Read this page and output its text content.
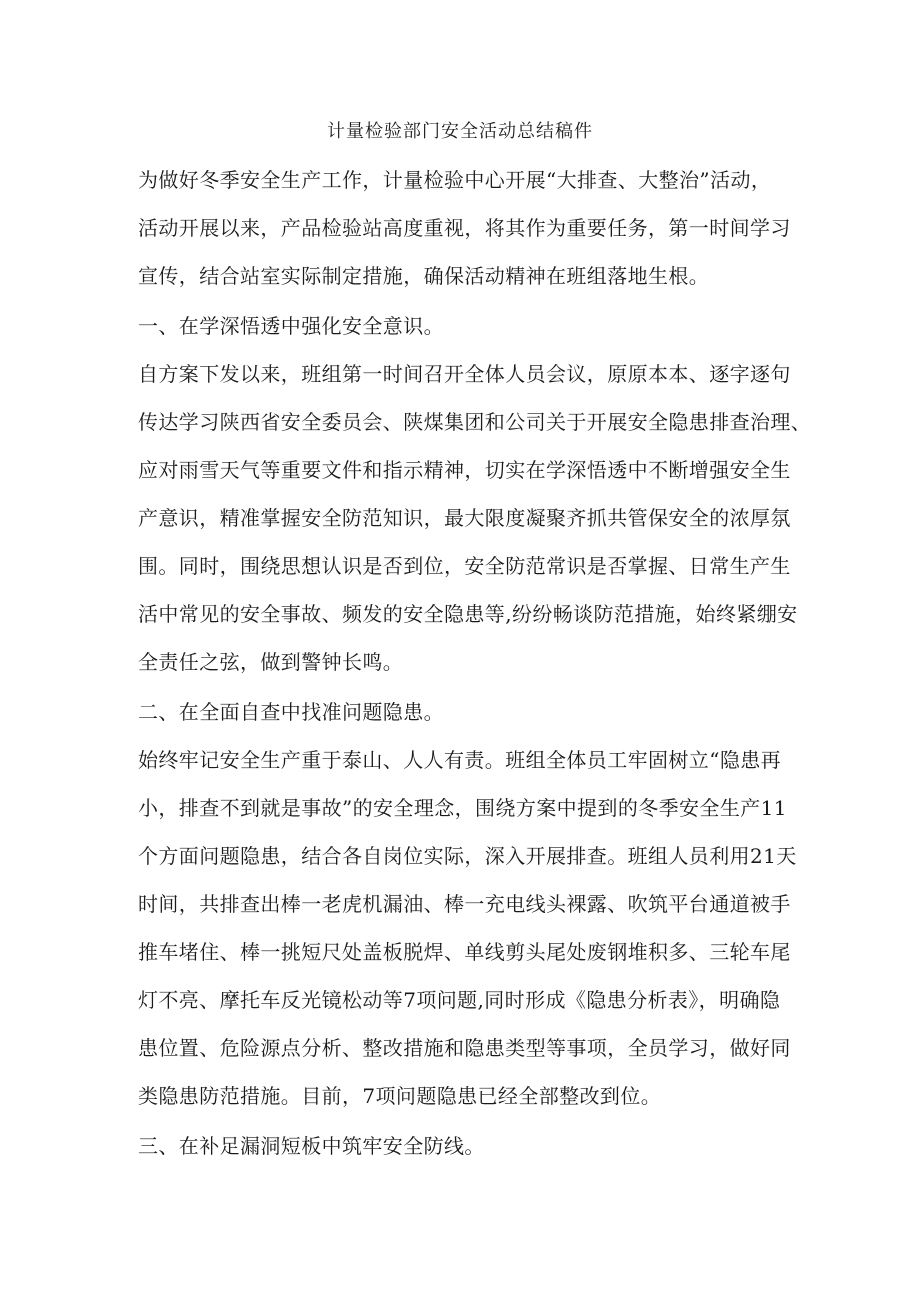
计量检验部门安全活动总结稿件
为做好冬季安全生产工作，计量检验中心开展“大排查、大整治”活动，
活动开展以来，产品检验站高度重视，将其作为重要任务，第一时间学习
宣传，结合站室实际制定措施，确保活动精神在班组落地生根。
一、在学深悟透中强化安全意识。
自方案下发以来，班组第一时间召开全体人员会议，原原本本、逐字逐句
传达学习陕西省安全委员会、陕煤集团和公司关于开展安全隐患排查治理、
应对雨雪天气等重要文件和指示精神，切实在学深悟透中不断增强安全生
产意识，精准掌握安全防范知识，最大限度凝聚齐抓共管保安全的浓厚氛
围。同时，围绕思想认识是否到位，安全防范常识是否掌握、日常生产生
活中常见的安全事故、频发的安全隐患等,纷纷畅谈防范措施，始终紧绷安
全责任之弦，做到警钟长鸣。
二、在全面自查中找准问题隐患。
始终牢记安全生产重于泰山、人人有责。班组全体员工牢固树立“隐患再
小，排查不到就是事故”的安全理念，围绕方案中提到的冬季安全生产11
个方面问题隐患，结合各自岗位实际，深入开展排查。班组人员利用21天
时间，共排查出棒一老虎机漏油、棒一充电线头裸露、吹筑平台通道被手
推车堵住、棒一挑短尺处盖板脱焊、单线剪头尾处废钢堆积多、三轮车尾
灯不亮、摩托车反光镜松动等7项问题,同时形成《隐患分析表》，明确隐
患位置、危险源点分析、整改措施和隐患类型等事项，全员学习，做好同
类隐患防范措施。目前，7项问题隐患已经全部整改到位。
三、在补足漏洞短板中筑牢安全防线。
